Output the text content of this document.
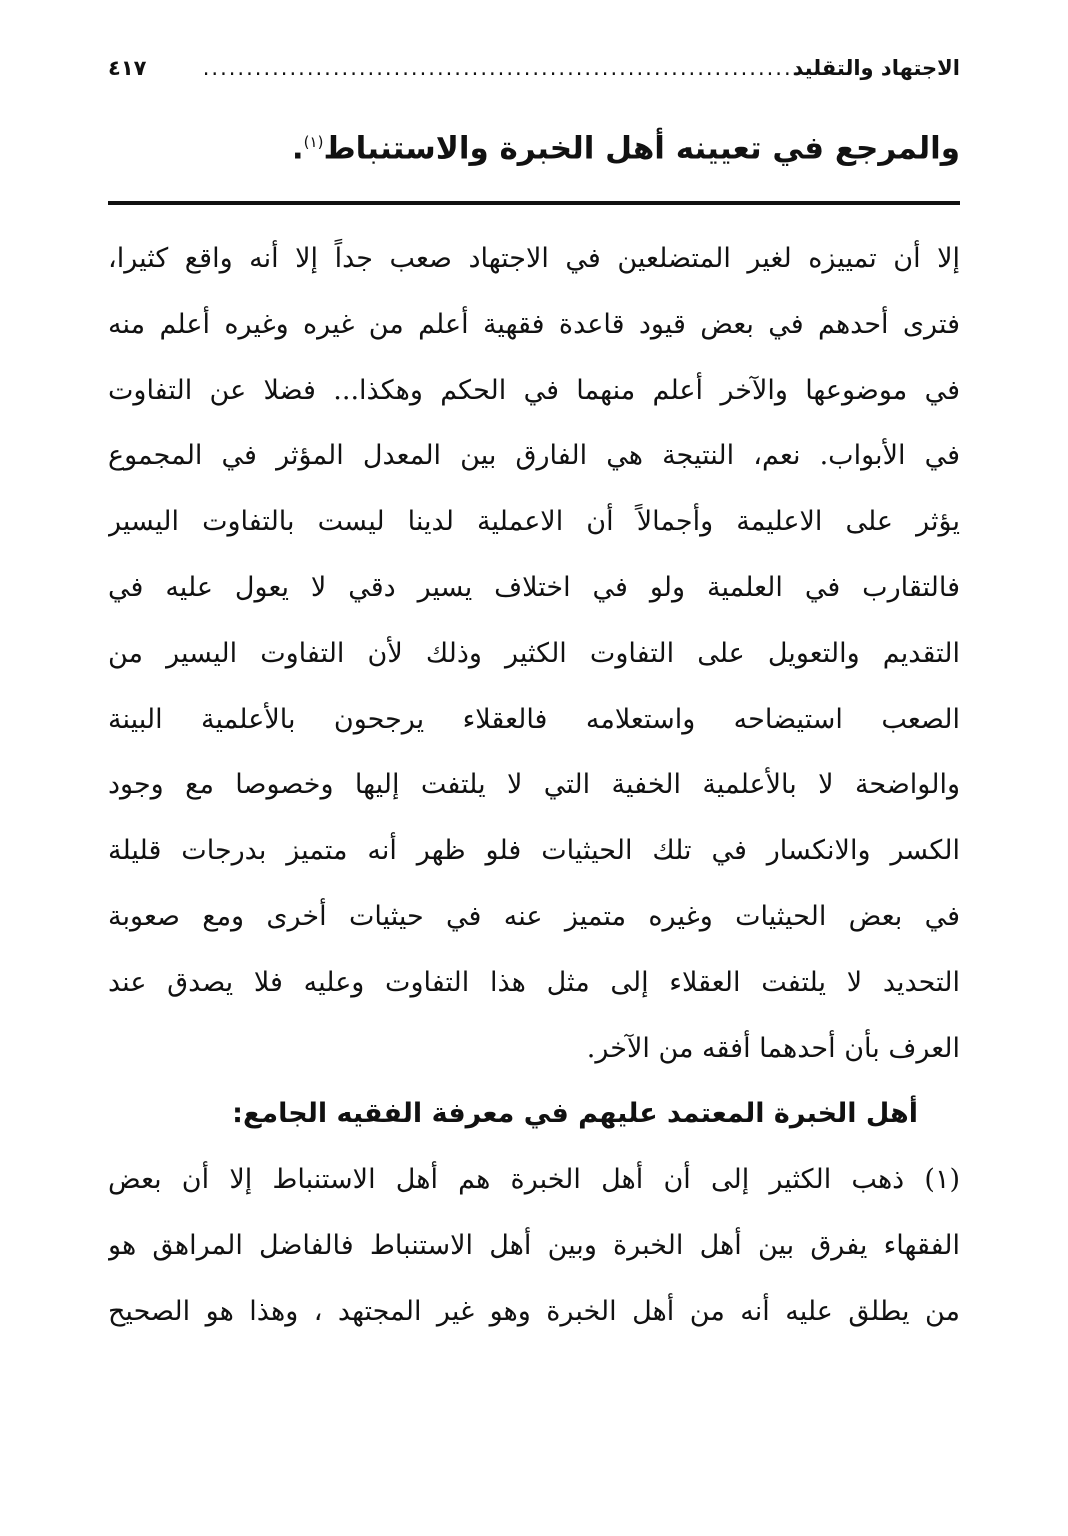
الاجتهاد والتقليد
......................................................................
٤١٧
والمرجع في تعيينه أهل الخبرة والاستنباط$^{(١)}$.
إلا أن تمييزه لغير المتضلعين في الاجتهاد صعب جداً إلا أنه واقع كثيرا،
فترى أحدهم في بعض قيود قاعدة فقهية أعلم من غيره وغيره أعلم منه
في موضوعها والآخر أعلم منهما في الحكم وهكذا... فضلا عن التفاوت
في الأبواب. نعم، النتيجة هي الفارق بين المعدل المؤثر في المجموع
يؤثر على الاعليمة وأجمالاً أن الاعملية لدينا ليست بالتفاوت اليسير
فالتقارب في العلمية ولو في اختلاف يسير دقي لا يعول عليه في
التقديم والتعويل على التفاوت الكثير وذلك لأن التفاوت اليسير من
الصعب استيضاحه واستعلامه فالعقلاء يرجحون بالأعلمية البينة
والواضحة لا بالأعلمية الخفية التي لا يلتفت إليها وخصوصا مع وجود
الكسر والانكسار في تلك الحيثيات فلو ظهر أنه متميز بدرجات قليلة
في بعض الحيثيات وغيره متميز عنه في حيثيات أخرى ومع صعوبة
التحديد لا يلتفت العقلاء إلى مثل هذا التفاوت وعليه فلا يصدق عند
العرف بأن أحدهما أفقه من الآخر.
أهل الخبرة المعتمد عليهم في معرفة الفقيه الجامع:
(١) ذهب الكثير إلى أن أهل الخبرة هم أهل الاستنباط إلا أن بعض
الفقهاء يفرق بين أهل الخبرة وبين أهل الاستنباط فالفاضل المراهق هو
من يطلق عليه أنه من أهل الخبرة وهو غير المجتهد ، وهذا هو الصحيح
